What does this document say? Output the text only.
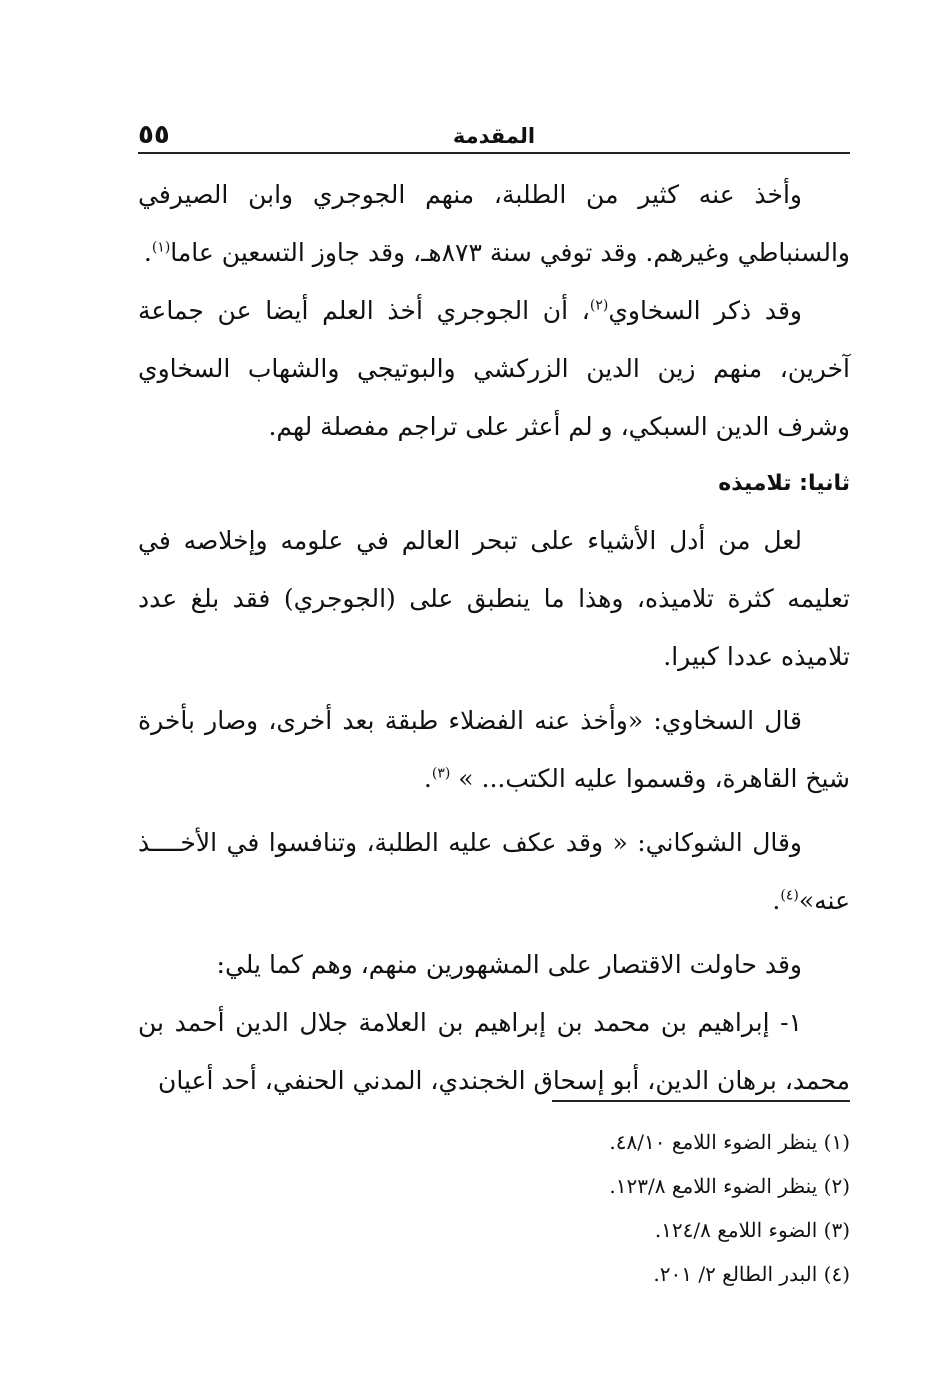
المقدمة
٥٥

وأخذ عنه كثير من الطلبة، منهم الجوجري وابن الصيرفي والسنباطي وغيرهم. وقد توفي سنة ٨٧٣هـ، وقد جاوز التسعين عاما$^{(١)}$.

وقد ذكر السخاوي$^{(٢)}$، أن الجوجري أخذ العلم أيضا عن جماعة آخرين، منهم زين الدين الزركشي والبوتيجي والشهاب السخاوي وشرف الدين السبكي، و لم أعثر على تراجم مفصلة لهم.

ثانيا: تلاميذه

لعل من أدل الأشياء على تبحر العالم في علومه وإخلاصه في تعليمه كثرة تلاميذه، وهذا ما ينطبق على (الجوجري) فقد بلغ عدد تلاميذه عددا كبيرا.

قال السخاوي: «وأخذ عنه الفضلاء طبقة بعد أخرى، وصار بأخرة شيخ القاهرة، وقسموا عليه الكتب... » $^{(٣)}$.

وقال الشوكاني: « وقد عكف عليه الطلبة، وتنافسوا في الأخــــذ عنه»$^{(٤)}$.

وقد حاولت الاقتصار على المشهورين منهم، وهم كما يلي:

١- إبراهيم بن محمد بن إبراهيم بن العلامة جلال الدين أحمد بن محمد، برهان الدين، أبو إسحاق الخجندي، المدني الحنفي، أحد أعيان

(١) ينظر الضوء اللامع ٤٨/١٠.
(٢) ينظر الضوء اللامع ١٢٣/٨.
(٣) الضوء اللامع ١٢٤/٨.
(٤) البدر الطالع ٢/ ٢٠١.
